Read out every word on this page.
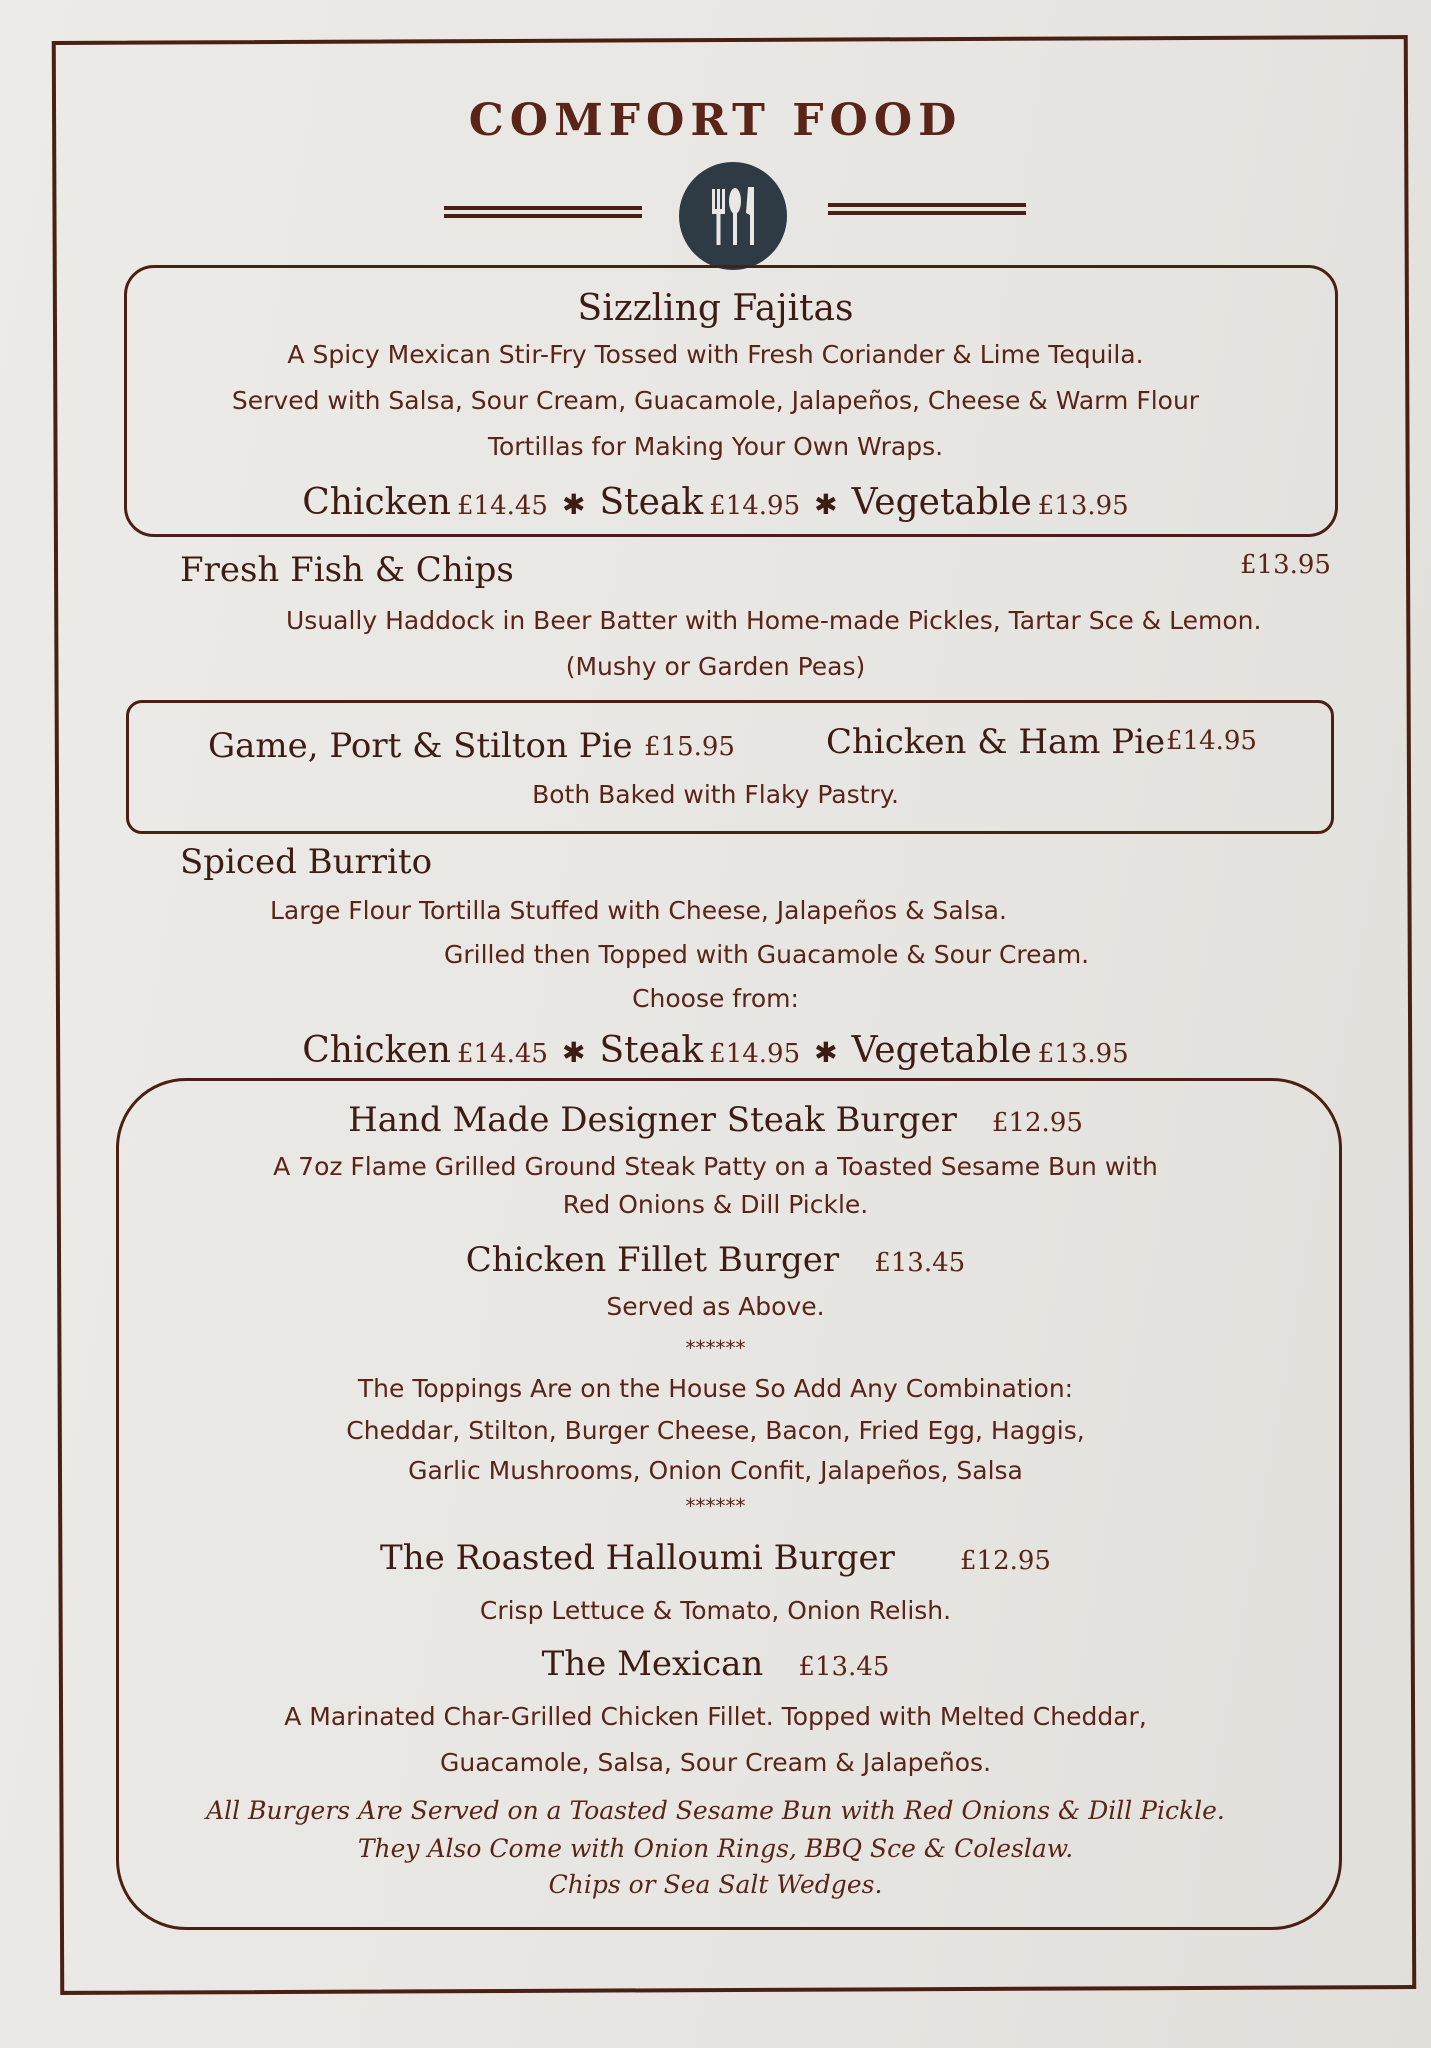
COMFORT FOOD
Sizzling Fajitas
A Spicy Mexican Stir-Fry Tossed with Fresh Coriander & Lime Tequila.
Served with Salsa, Sour Cream, Guacamole, Jalapeños, Cheese & Warm Flour
Tortillas for Making Your Own Wraps.
Chicken £14.45 ✱ Steak £14.95 ✱ Vegetable £13.95
Fresh Fish & Chips	£13.95
Usually Haddock in Beer Batter with Home-made Pickles, Tartar Sce & Lemon.
(Mushy or Garden Peas)
Game, Port & Stilton Pie £15.95	Chicken & Ham Pie £14.95
Both Baked with Flaky Pastry.
Spiced Burrito
Large Flour Tortilla Stuffed with Cheese, Jalapeños & Salsa.
Grilled then Topped with Guacamole & Sour Cream.
Choose from:
Chicken £14.45 ✱ Steak £14.95 ✱ Vegetable £13.95
Hand Made Designer Steak Burger £12.95
A 7oz Flame Grilled Ground Steak Patty on a Toasted Sesame Bun with
Red Onions & Dill Pickle.
Chicken Fillet Burger £13.45
Served as Above.
******
The Toppings Are on the House So Add Any Combination:
Cheddar, Stilton, Burger Cheese, Bacon, Fried Egg, Haggis,
Garlic Mushrooms, Onion Confit, Jalapeños, Salsa
******
The Roasted Halloumi Burger	£12.95
Crisp Lettuce & Tomato, Onion Relish.
The Mexican £13.45
A Marinated Char-Grilled Chicken Fillet. Topped with Melted Cheddar,
Guacamole, Salsa, Sour Cream & Jalapeños.
All Burgers Are Served on a Toasted Sesame Bun with Red Onions & Dill Pickle.
They Also Come with Onion Rings, BBQ Sce & Coleslaw.
Chips or Sea Salt Wedges.
